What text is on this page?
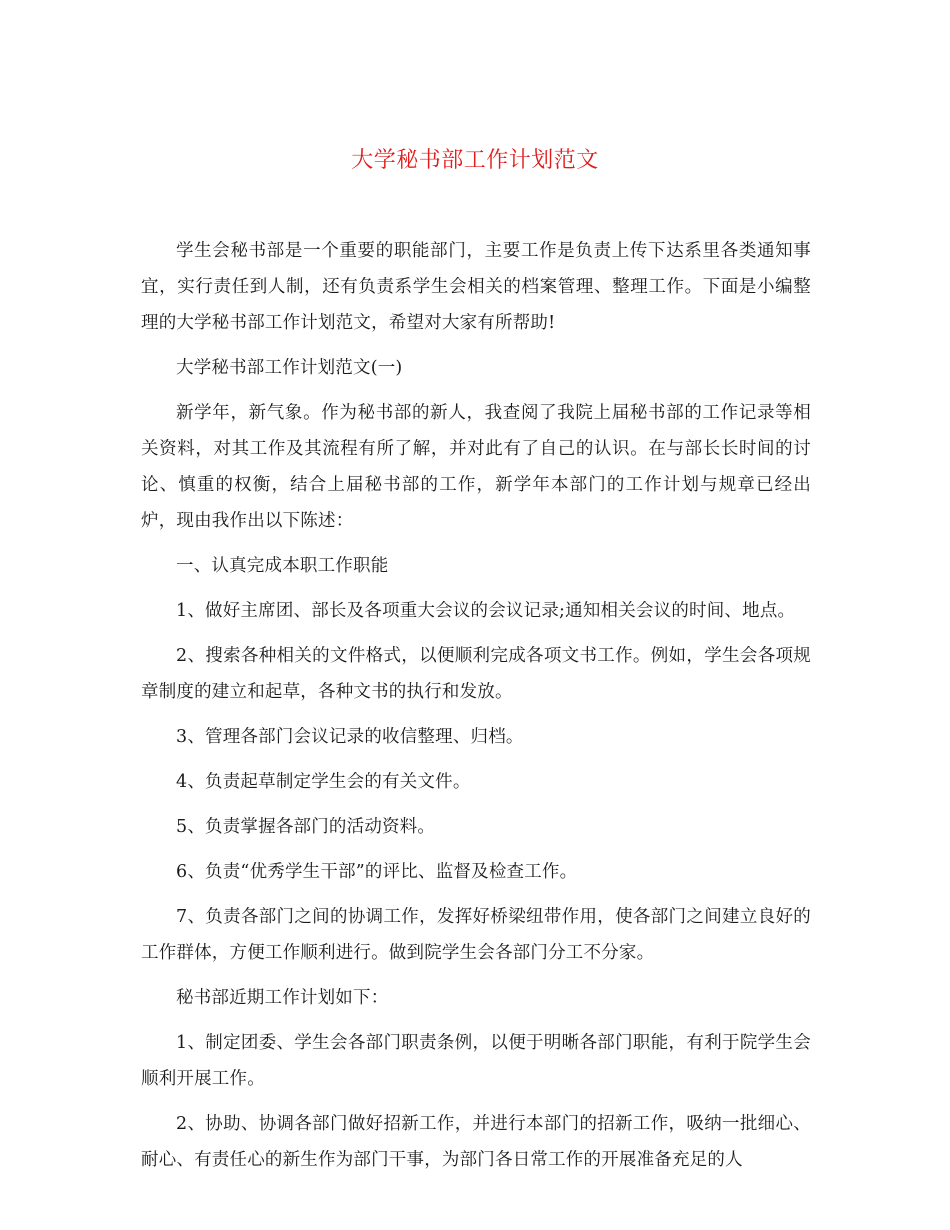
大学秘书部工作计划范文

学生会秘书部是一个重要的职能部门，主要工作是负责上传下达系里各类通知事宜，实行责任到人制，还有负责系学生会相关的档案管理、整理工作。下面是小编整理的大学秘书部工作计划范文，希望对大家有所帮助!

大学秘书部工作计划范文(一)

新学年，新气象。作为秘书部的新人，我查阅了我院上届秘书部的工作记录等相关资料，对其工作及其流程有所了解，并对此有了自己的认识。在与部长长时间的讨论、慎重的权衡，结合上届秘书部的工作，新学年本部门的工作计划与规章已经出炉，现由我作出以下陈述：

一、认真完成本职工作职能

1、做好主席团、部长及各项重大会议的会议记录;通知相关会议的时间、地点。

2、搜索各种相关的文件格式，以便顺利完成各项文书工作。例如，学生会各项规章制度的建立和起草，各种文书的执行和发放。

3、管理各部门会议记录的收信整理、归档。

4、负责起草制定学生会的有关文件。

5、负责掌握各部门的活动资料。

6、负责“优秀学生干部”的评比、监督及检查工作。

7、负责各部门之间的协调工作，发挥好桥梁纽带作用，使各部门之间建立良好的工作群体，方便工作顺利进行。做到院学生会各部门分工不分家。

秘书部近期工作计划如下：

1、制定团委、学生会各部门职责条例，以便于明晰各部门职能，有利于院学生会顺利开展工作。

2、协助、协调各部门做好招新工作，并进行本部门的招新工作，吸纳一批细心、耐心、有责任心的新生作为部门干事，为部门各日常工作的开展准备充足的人
